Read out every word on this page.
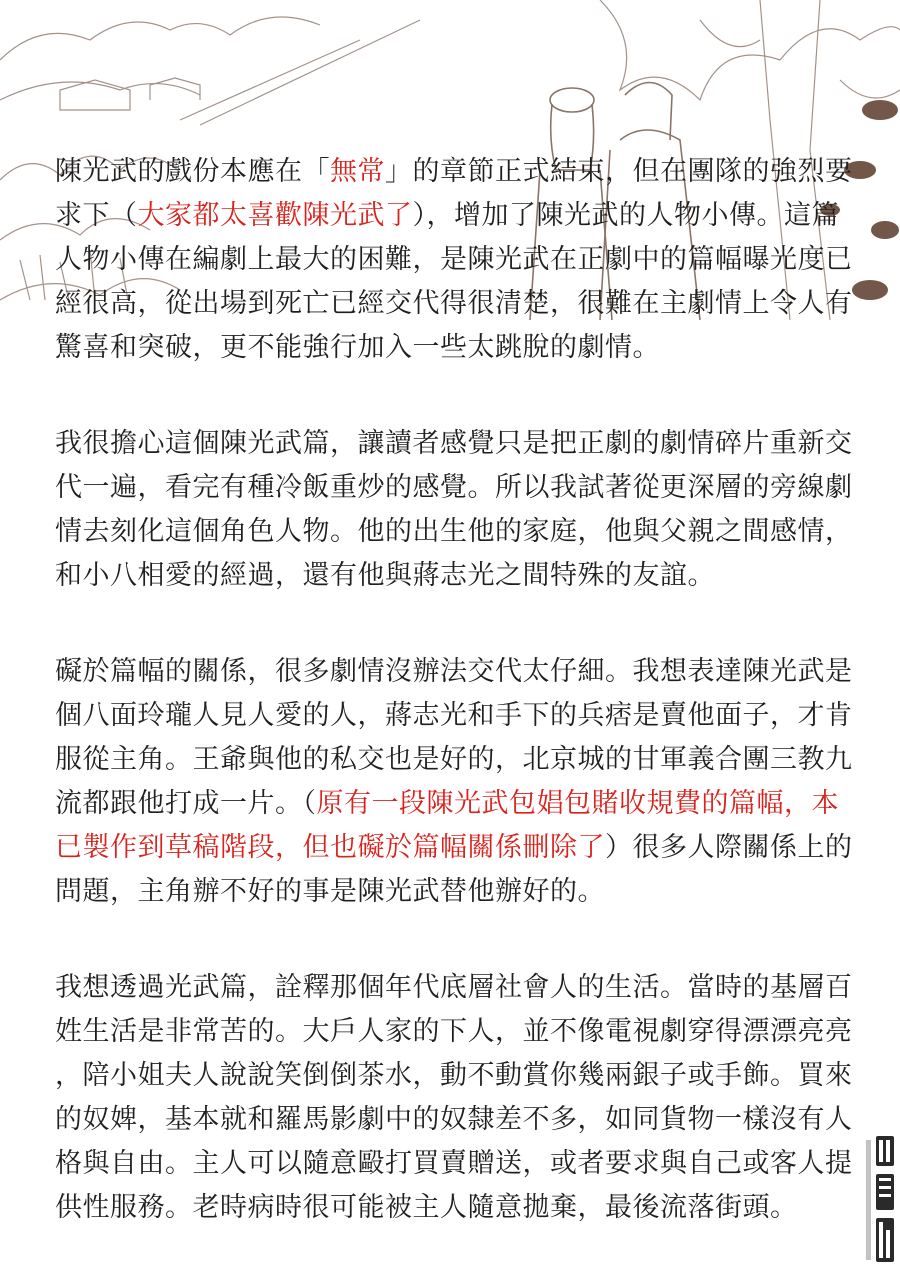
陳光武的戲份本應在「無常」的章節正式結束，但在團隊的強烈要
求下（大家都太喜歡陳光武了），增加了陳光武的人物小傳。這篇
人物小傳在編劇上最大的困難，是陳光武在正劇中的篇幅曝光度已
經很高，從出場到死亡已經交代得很清楚，很難在主劇情上令人有
驚喜和突破，更不能強行加入一些太跳脫的劇情。
我很擔心這個陳光武篇，讓讀者感覺只是把正劇的劇情碎片重新交
代一遍，看完有種冷飯重炒的感覺。所以我試著從更深層的旁線劇
情去刻化這個角色人物。他的出生他的家庭，他與父親之間感情，
和小八相愛的經過，還有他與蔣志光之間特殊的友誼。
礙於篇幅的關係，很多劇情沒辦法交代太仔細。我想表達陳光武是
個八面玲瓏人見人愛的人，蔣志光和手下的兵痞是賣他面子，才肯
服從主角。王爺與他的私交也是好的，北京城的甘軍義合團三教九
流都跟他打成一片。（原有一段陳光武包娼包賭收規費的篇幅，本
已製作到草稿階段，但也礙於篇幅關係刪除了）很多人際關係上的
問題，主角辦不好的事是陳光武替他辦好的。
我想透過光武篇，詮釋那個年代底層社會人的生活。當時的基層百
姓生活是非常苦的。大戶人家的下人，並不像電視劇穿得漂漂亮亮
，陪小姐夫人說說笑倒倒茶水，動不動賞你幾兩銀子或手飾。買來
的奴婢，基本就和羅馬影劇中的奴隸差不多，如同貨物一樣沒有人
格與自由。主人可以隨意毆打買賣贈送，或者要求與自己或客人提
供性服務。老時病時很可能被主人隨意拋棄，最後流落街頭。
